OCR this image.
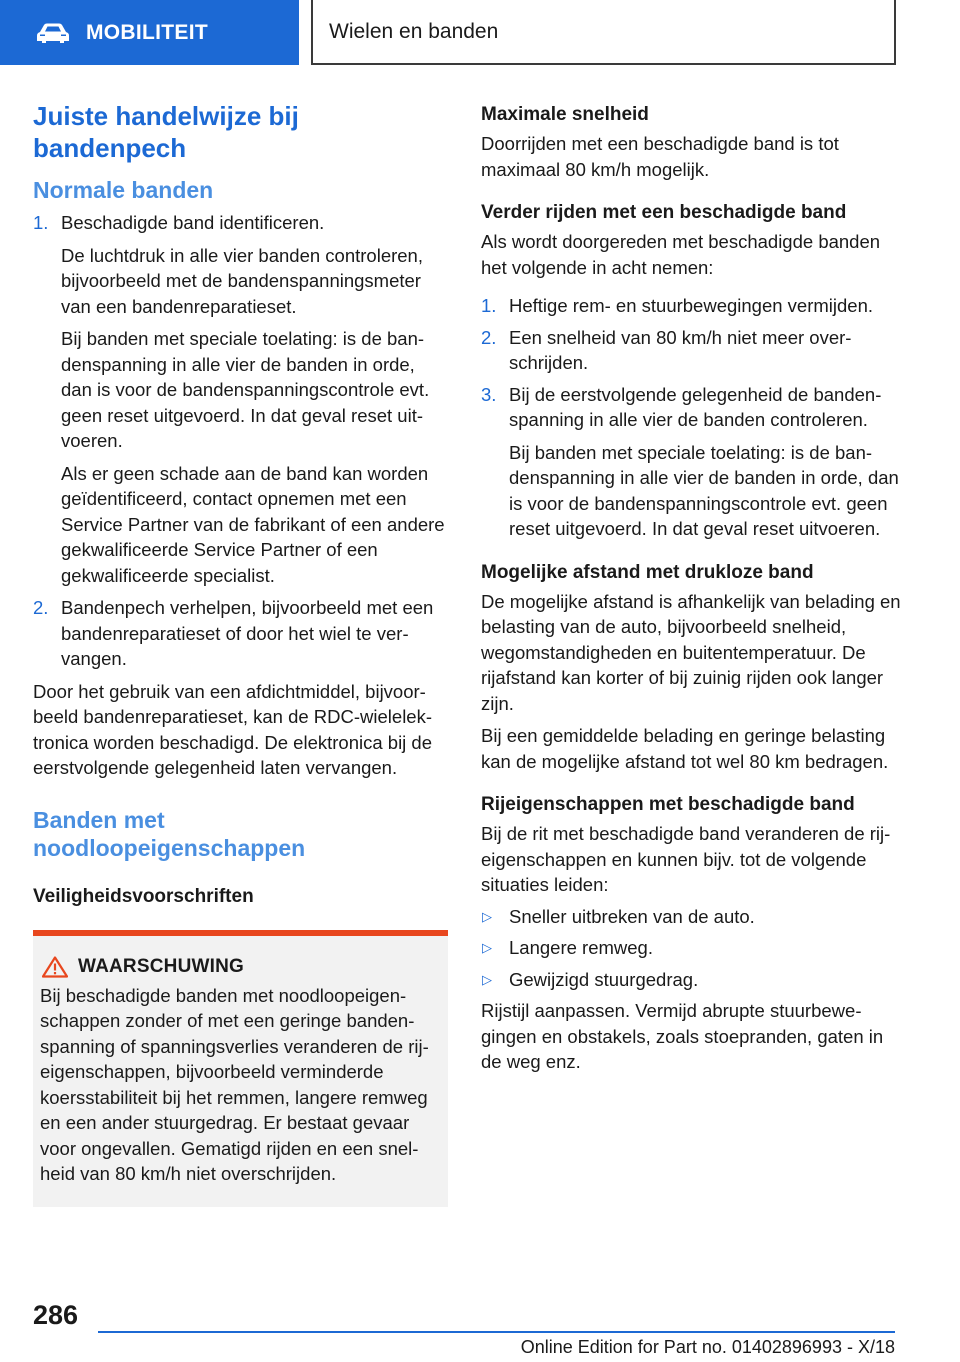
MOBILITEIT	Wielen en banden
Juiste handelwijze bij bandenpech
Normale banden
1. Beschadigde band identificeren.

De luchtdruk in alle vier banden controleren, bijvoorbeeld met de bandenspanningsmeter van een bandenreparatieset.

Bij banden met speciale toelating: is de bandenspanning in alle vier de banden in orde, dan is voor de bandenspanningscontrole evt. geen reset uitgevoerd. In dat geval reset uitvoeren.

Als er geen schade aan de band kan worden geïdentificeerd, contact opnemen met een Service Partner van de fabrikant of een andere gekwalificeerde Service Partner of een gekwalificeerde specialist.

2. Bandenpech verhelpen, bijvoorbeeld met een bandenreparatieset of door het wiel te vervangen.

Door het gebruik van een afdichtmiddel, bijvoorbeeld bandenreparatieset, kan de RDC-wielelektronica worden beschadigd. De elektronica bij de eerstvolgende gelegenheid laten vervangen.

Banden met noodloopeigenschappen
Veiligheidsvoorschriften
WAARSCHUWING

Bij beschadigde banden met noodloopeigenschappen zonder of met een geringe bandenspanning of spanningsverlies veranderen de rijeigenschappen, bijvoorbeeld verminderde koersstabiliteit bij het remmen, langere remweg en een ander stuurgedrag. Er bestaat gevaar voor ongevallen. Gematigd rijden en een snelheid van 80 km/h niet overschrijden.

Maximale snelheid

Doorrijden met een beschadigde band is tot maximaal 80 km/h mogelijk.

Verder rijden met een beschadigde band

Als wordt doorgereden met beschadigde banden het volgende in acht nemen:

1. Heftige rem- en stuurbewegingen vermijden.
2. Een snelheid van 80 km/h niet meer overschrijden.
3. Bij de eerstvolgende gelegenheid de bandenspanning in alle vier de banden controleren.

Bij banden met speciale toelating: is de bandenspanning in alle vier de banden in orde, dan is voor de bandenspanningscontrole evt. geen reset uitgevoerd. In dat geval reset uitvoeren.

Mogelijke afstand met drukloze band

De mogelijke afstand is afhankelijk van belading en belasting van de auto, bijvoorbeeld snelheid, wegomstandigheden en buitentemperatuur. De rijafstand kan korter of bij zuinig rijden ook langer zijn.

Bij een gemiddelde belading en geringe belasting kan de mogelijke afstand tot wel 80 km bedragen.

Rijeigenschappen met beschadigde band

Bij de rit met beschadigde band veranderen de rij-eigenschappen en kunnen bijv. tot de volgende situaties leiden:

▷ Sneller uitbreken van de auto.
▷ Langere remweg.
▷ Gewijzigd stuurgedrag.

Rijstijl aanpassen. Vermijd abrupte stuurbewegingen en obstakels, zoals stoepranden, gaten in de weg enz.

286
Online Edition for Part no. 01402896993 - X/18
